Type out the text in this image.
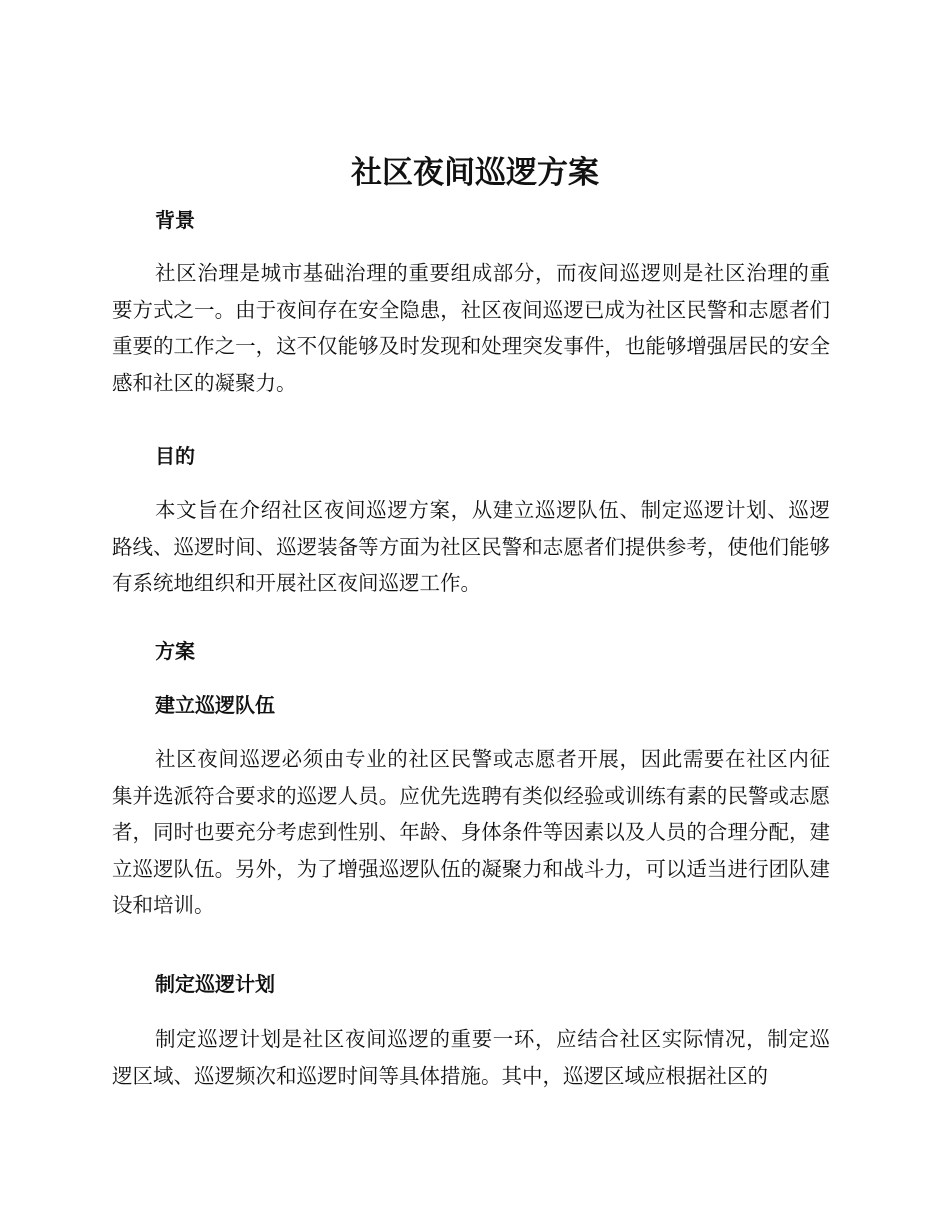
社区夜间巡逻方案
背景

社区治理是城市基础治理的重要组成部分，而夜间巡逻则是社区治理的重要方式之一。由于夜间存在安全隐患，社区夜间巡逻已成为社区民警和志愿者们重要的工作之一，这不仅能够及时发现和处理突发事件，也能够增强居民的安全感和社区的凝聚力。

目的

本文旨在介绍社区夜间巡逻方案，从建立巡逻队伍、制定巡逻计划、巡逻路线、巡逻时间、巡逻装备等方面为社区民警和志愿者们提供参考，使他们能够有系统地组织和开展社区夜间巡逻工作。

方案
建立巡逻队伍

社区夜间巡逻必须由专业的社区民警或志愿者开展，因此需要在社区内征集并选派符合要求的巡逻人员。应优先选聘有类似经验或训练有素的民警或志愿者，同时也要充分考虑到性别、年龄、身体条件等因素以及人员的合理分配，建立巡逻队伍。另外，为了增强巡逻队伍的凝聚力和战斗力，可以适当进行团队建设和培训。

制定巡逻计划

制定巡逻计划是社区夜间巡逻的重要一环，应结合社区实际情况，制定巡逻区域、巡逻频次和巡逻时间等具体措施。其中，巡逻区域应根据社区的
